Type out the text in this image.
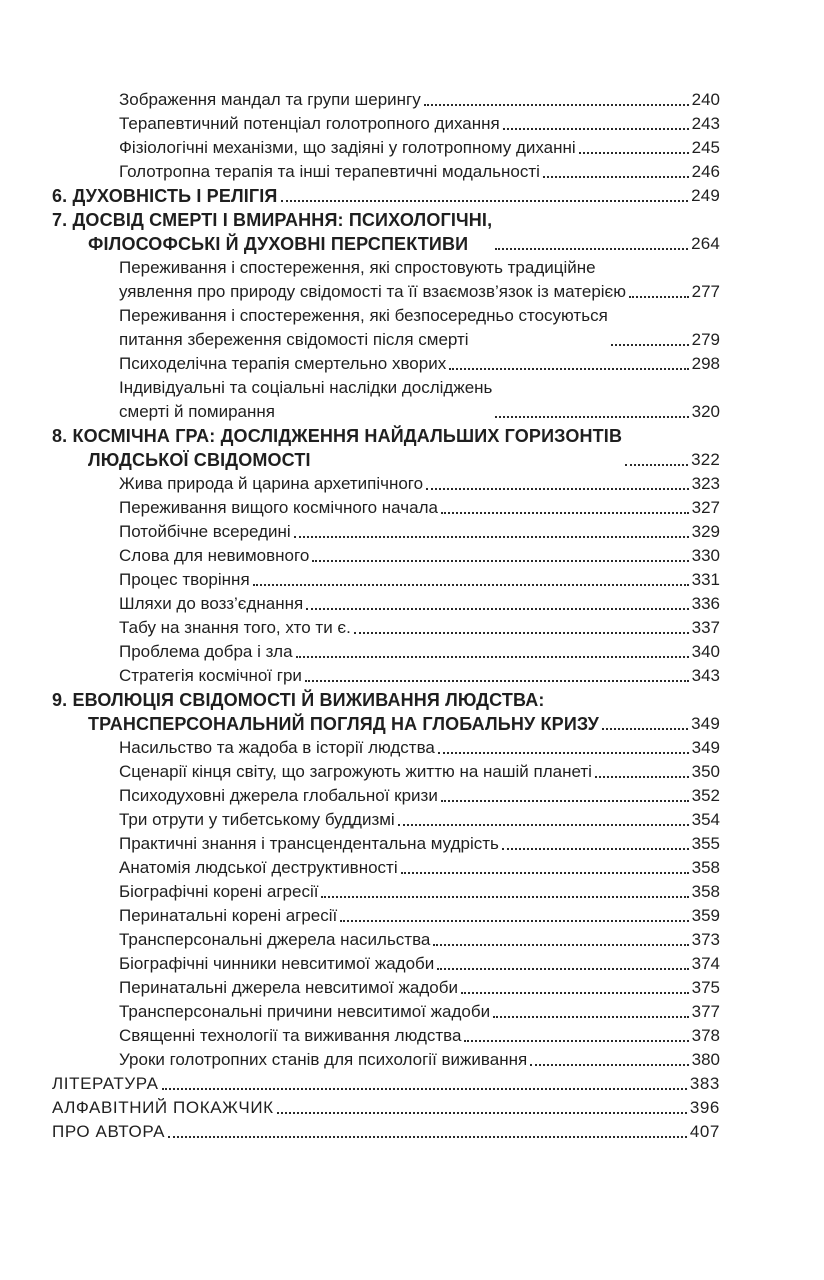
Зображення мандал та групи шерингу	240
Терапевтичний потенціал голотропного дихання	243
Фізіологічні механізми, що задіяні у голотропному диханні	245
Голотропна терапія та інші терапевтичні модальності	246
6. ДУХОВНІСТЬ І РЕЛІГІЯ	249
7. ДОСВІД СМЕРТІ І ВМИРАННЯ: ПСИХОЛОГІЧНІ,
ФІЛОСОФСЬКІ Й ДУХОВНІ ПЕРСПЕКТИВИ	264
Переживання і спостереження, які спростовують традиційне
уявлення про природу свідомості та її взаємозв’язок із матерією	277
Переживання і спостереження, які безпосередньо стосуються
питання збереження свідомості після смерті	279
Психоделічна терапія смертельно хворих	298
Індивідуальні та соціальні наслідки досліджень
смерті й помирання	320
8. КОСМІЧНА ГРА: ДОСЛІДЖЕННЯ НАЙДАЛЬШИХ ГОРИЗОНТІВ
ЛЮДСЬКОЇ СВІДОМОСТІ	322
Жива природа й царина архетипічного	323
Переживання вищого космічного начала	327
Потойбічне всередині	329
Слова для невимовного	330
Процес творіння	331
Шляхи до возз’єднання	336
Табу на знання того, хто ти є.	337
Проблема добра і зла	340
Стратегія космічної гри	343
9. ЕВОЛЮЦІЯ СВІДОМОСТІ Й ВИЖИВАННЯ ЛЮДСТВА:
ТРАНСПЕРСОНАЛЬНИЙ ПОГЛЯД НА ГЛОБАЛЬНУ КРИЗУ	349
Насильство та жадоба в історії людства	349
Сценарії кінця світу, що загрожують життю на нашій планеті	350
Психодуховні джерела глобальної кризи	352
Три отрути у тибетському буддизмі	354
Практичні знання і трансцендентальна мудрість	355
Анатомія людської деструктивності	358
Біографічні корені агресії	358
Перинатальні корені агресії	359
Трансперсональні джерела насильства	373
Біографічні чинники невситимої жадоби	374
Перинатальні джерела невситимої жадоби	375
Трансперсональні причини невситимої жадоби	377
Священні технології та виживання людства	378
Уроки голотропних станів для психології виживання	380
ЛІТЕРАТУРА	383
АЛФАВІТНИЙ ПОКАЖЧИК	396
ПРО АВТОРА	407
